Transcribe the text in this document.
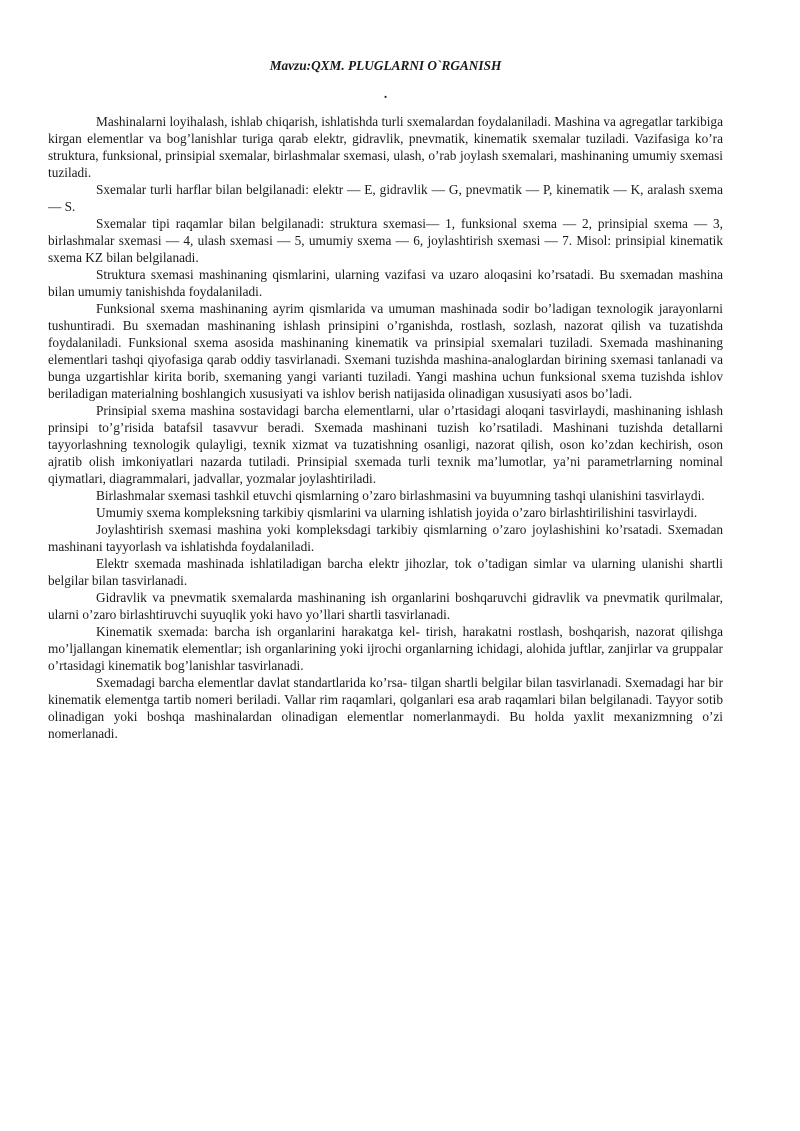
Mavzu:QXM. PLUGLARNI O`RGANISH
.

Mashinalarni loyihalash, ishlab chiqarish, ishlatishda turli sxemalardan foydalaniladi. Mashina va agregatlar tarkibiga kirgan elementlar va bog’lanishlar turiga qarab elektr, gidravlik, pnevmatik, kinematik sxemalar tuziladi. Vazifasiga ko’ra struktura, funksional, prinsipial sxemalar, birlashmalar sxemasi, ulash, o’rab joylash sxemalari, mashinaning umumiy sxemasi tuziladi.

Sxemalar turli harflar bilan belgilanadi: elektr — E, gidravlik — G, pnevmatik — P, kinematik — K, aralash sxema — S.

Sxemalar tipi raqamlar bilan belgilanadi: struktura sxemasi— 1, funksional sxema — 2, prinsipial sxema — 3, birlashmalar sxemasi — 4, ulash sxemasi — 5, umumiy sxema — 6, joylashtirish sxemasi — 7. Misol: prinsipial kinematik sxema KZ bilan belgilanadi.

Struktura sxemasi mashinaning qismlarini, ularning vazifasi va uzaro aloqasini ko’rsatadi. Bu sxemadan mashina bilan umumiy tanishishda foydalaniladi.

Funksional sxema mashinaning ayrim qismlarida va umuman mashinada sodir bo’ladigan texnologik jarayonlarni tushuntiradi. Bu sxemadan mashinaning ishlash prinsipini o’rganishda, rostlash, sozlash, nazorat qilish va tuzatishda foydalaniladi. Funksional sxema asosida mashinaning kinematik va prinsipial sxemalari tuziladi. Sxemada mashinaning elementlari tashqi qiyofasiga qarab oddiy tasvirlanadi. Sxemani tuzishda mashina-analoglardan birining sxemasi tanlanadi va bunga uzgartishlar kirita borib, sxemaning yangi varianti tuziladi. Yangi mashina uchun funksional sxema tuzishda ishlov beriladigan materialning boshlangich xususiyati va ishlov berish natijasida olinadigan xususiyati asos bo’ladi.

Prinsipial sxema mashina sostavidagi barcha elementlarni, ular o’rtasidagi aloqani tasvirlaydi, mashinaning ishlash prinsipi to’g’risida batafsil tasavvur beradi. Sxemada mashinani tuzish ko’rsatiladi. Mashinani tuzishda detallarni tayyorlashning texnologik qulayligi, texnik xizmat va tuzatishning osanligi, nazorat qilish, oson ko’zdan kechirish, oson ajratib olish imkoniyatlari nazarda tutiladi. Prinsipial sxemada turli texnik ma’lumotlar, ya’ni parametrlarning nominal qiymatlari, diagrammalari, jadvallar, yozmalar joylashtiriladi.

Birlashmalar sxemasi tashkil etuvchi qismlarning o’zaro birlashmasini va buyumning tashqi ulanishini tasvirlaydi.

Umumiy sxema kompleksning tarkibiy qismlarini va ularning ishlatish joyida o’zaro birlashtirilishini tasvirlaydi.

Joylashtirish sxemasi mashina yoki kompleksdagi tarkibiy qismlarning o’zaro joylashishini ko’rsatadi. Sxemadan mashinani tayyorlash va ishlatishda foydalaniladi.

Elektr sxemada mashinada ishlatiladigan barcha elektr jihozlar, tok o’tadigan simlar va ularning ulanishi shartli belgilar bilan tasvirlanadi.

Gidravlik va pnevmatik sxemalarda mashinaning ish organlarini boshqaruvchi gidravlik va pnevmatik qurilmalar, ularni o’zaro birlashtiruvchi suyuqlik yoki havo yo’llari shartli tasvirlanadi.

Kinematik sxemada: barcha ish organlarini harakatga kel- tirish, harakatni rostlash, boshqarish, nazorat qilishga mo’ljallangan kinematik elementlar; ish organlarining yoki ijrochi organlarning ichidagi, alohida juftlar, zanjirlar va gruppalar o’rtasidagi kinematik bog’lanishlar tasvirlanadi.

Sxemadagi barcha elementlar davlat standartlarida ko’rsa- tilgan shartli belgilar bilan tasvirlanadi. Sxemadagi har bir kinematik elementga tartib nomeri beriladi. Vallar rim raqamlari, qolganlari esa arab raqamlari bilan belgilanadi. Tayyor sotib olinadigan yoki boshqa mashinalardan olinadigan elementlar nomerlanmaydi. Bu holda yaxlit mexanizmning o’zi nomerlanadi.
